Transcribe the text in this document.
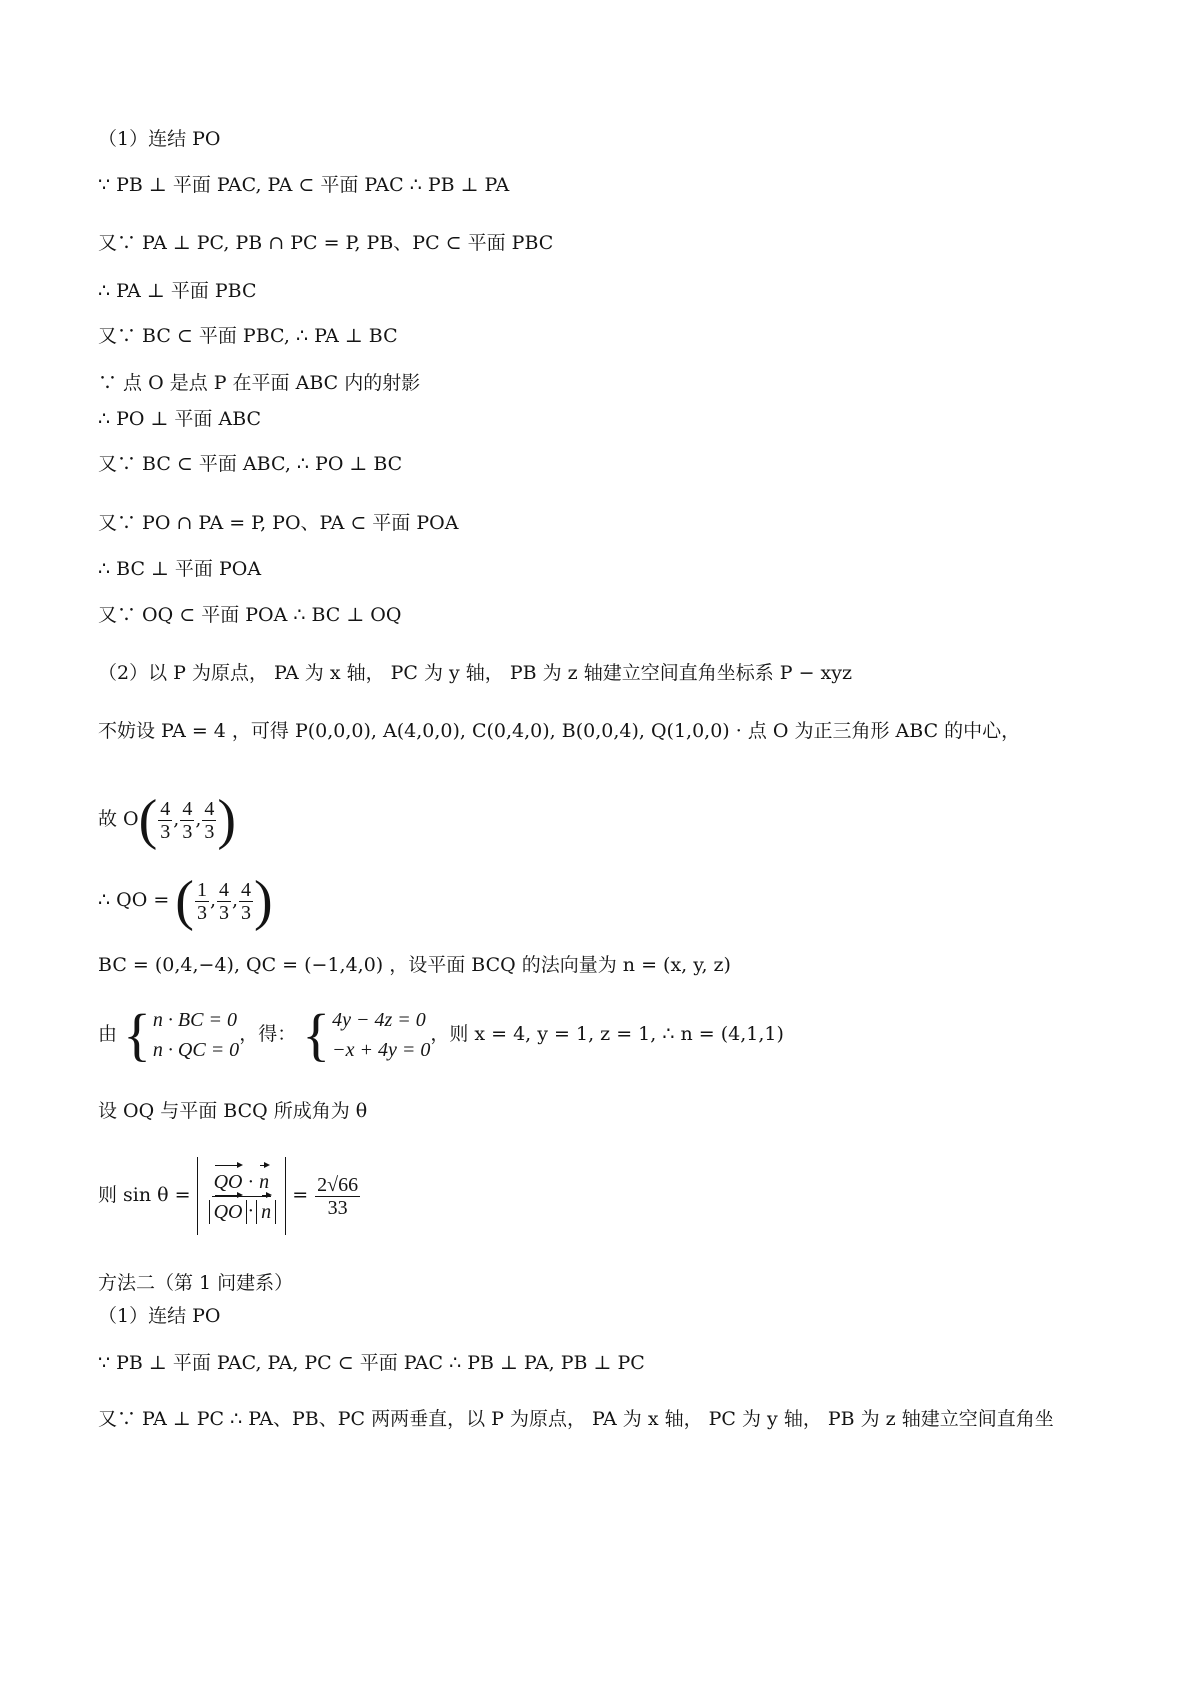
（1）连结 PO
∵ PB ⊥ 平面 PAC, PA ⊂ 平面 PAC ∴ PB ⊥ PA
又∵ PA ⊥ PC, PB ∩ PC = P, PB、PC ⊂ 平面 PBC
∴ PA ⊥ 平面 PBC
又∵ BC ⊂ 平面 PBC, ∴ PA ⊥ BC
∵ 点 O 是点 P 在平面 ABC 内的射影
∴ PO ⊥ 平面 ABC
又∵ BC ⊂ 平面 ABC, ∴ PO ⊥ BC
又∵ PO ∩ PA = P, PO、PA ⊂ 平面 POA
∴ BC ⊥ 平面 POA
又∵ OQ ⊂ 平面 POA ∴ BC ⊥ OQ
（2）以 P 为原点， PA 为 x 轴， PC 为 y 轴， PB 为 z 轴建立空间直角坐标系 P − xyz
不妨设 PA = 4 ，可得 P(0,0,0), A(4,0,0), C(0,4,0), B(0,0,4), Q(1,0,0) · 点 O 为正三角形 ABC 的中心，
故 $O( \frac{4}{3}$ , $\frac{4}{3}$ , $\frac{4}{3}$ )
∴ QO = ( $\frac{1}{3}$ , $\frac{4}{3}$ , $\frac{4}{3}$ )
BC = (0,4,−4), QC = (−1,4,0) ，设平面 BCQ 的法向量为 n = (x, y, z)
由 { n · BC = 0
n · QC = 0
，得： { 4y − 4z = 0
−x + 4y = 0
，则 x = 4, y = 1, z = 1, ∴ n = (4,1,1)
设 OQ 与平面 BCQ 所成角为 θ
则 $\sin \theta = \frac{QO \cdot n}{QO \cdot n} = \frac{2√66}{33}$
方法二（第 1 问建系）
（1）连结 PO
∵ PB ⊥ 平面 PAC, PA, PC ⊂ 平面 PAC ∴ PB ⊥ PA, PB ⊥ PC
又∵ PA ⊥ PC ∴ PA、PB、PC 两两垂直，以 P 为原点， PA 为 x 轴， PC 为 y 轴， PB 为 z 轴建立空间直角坐
